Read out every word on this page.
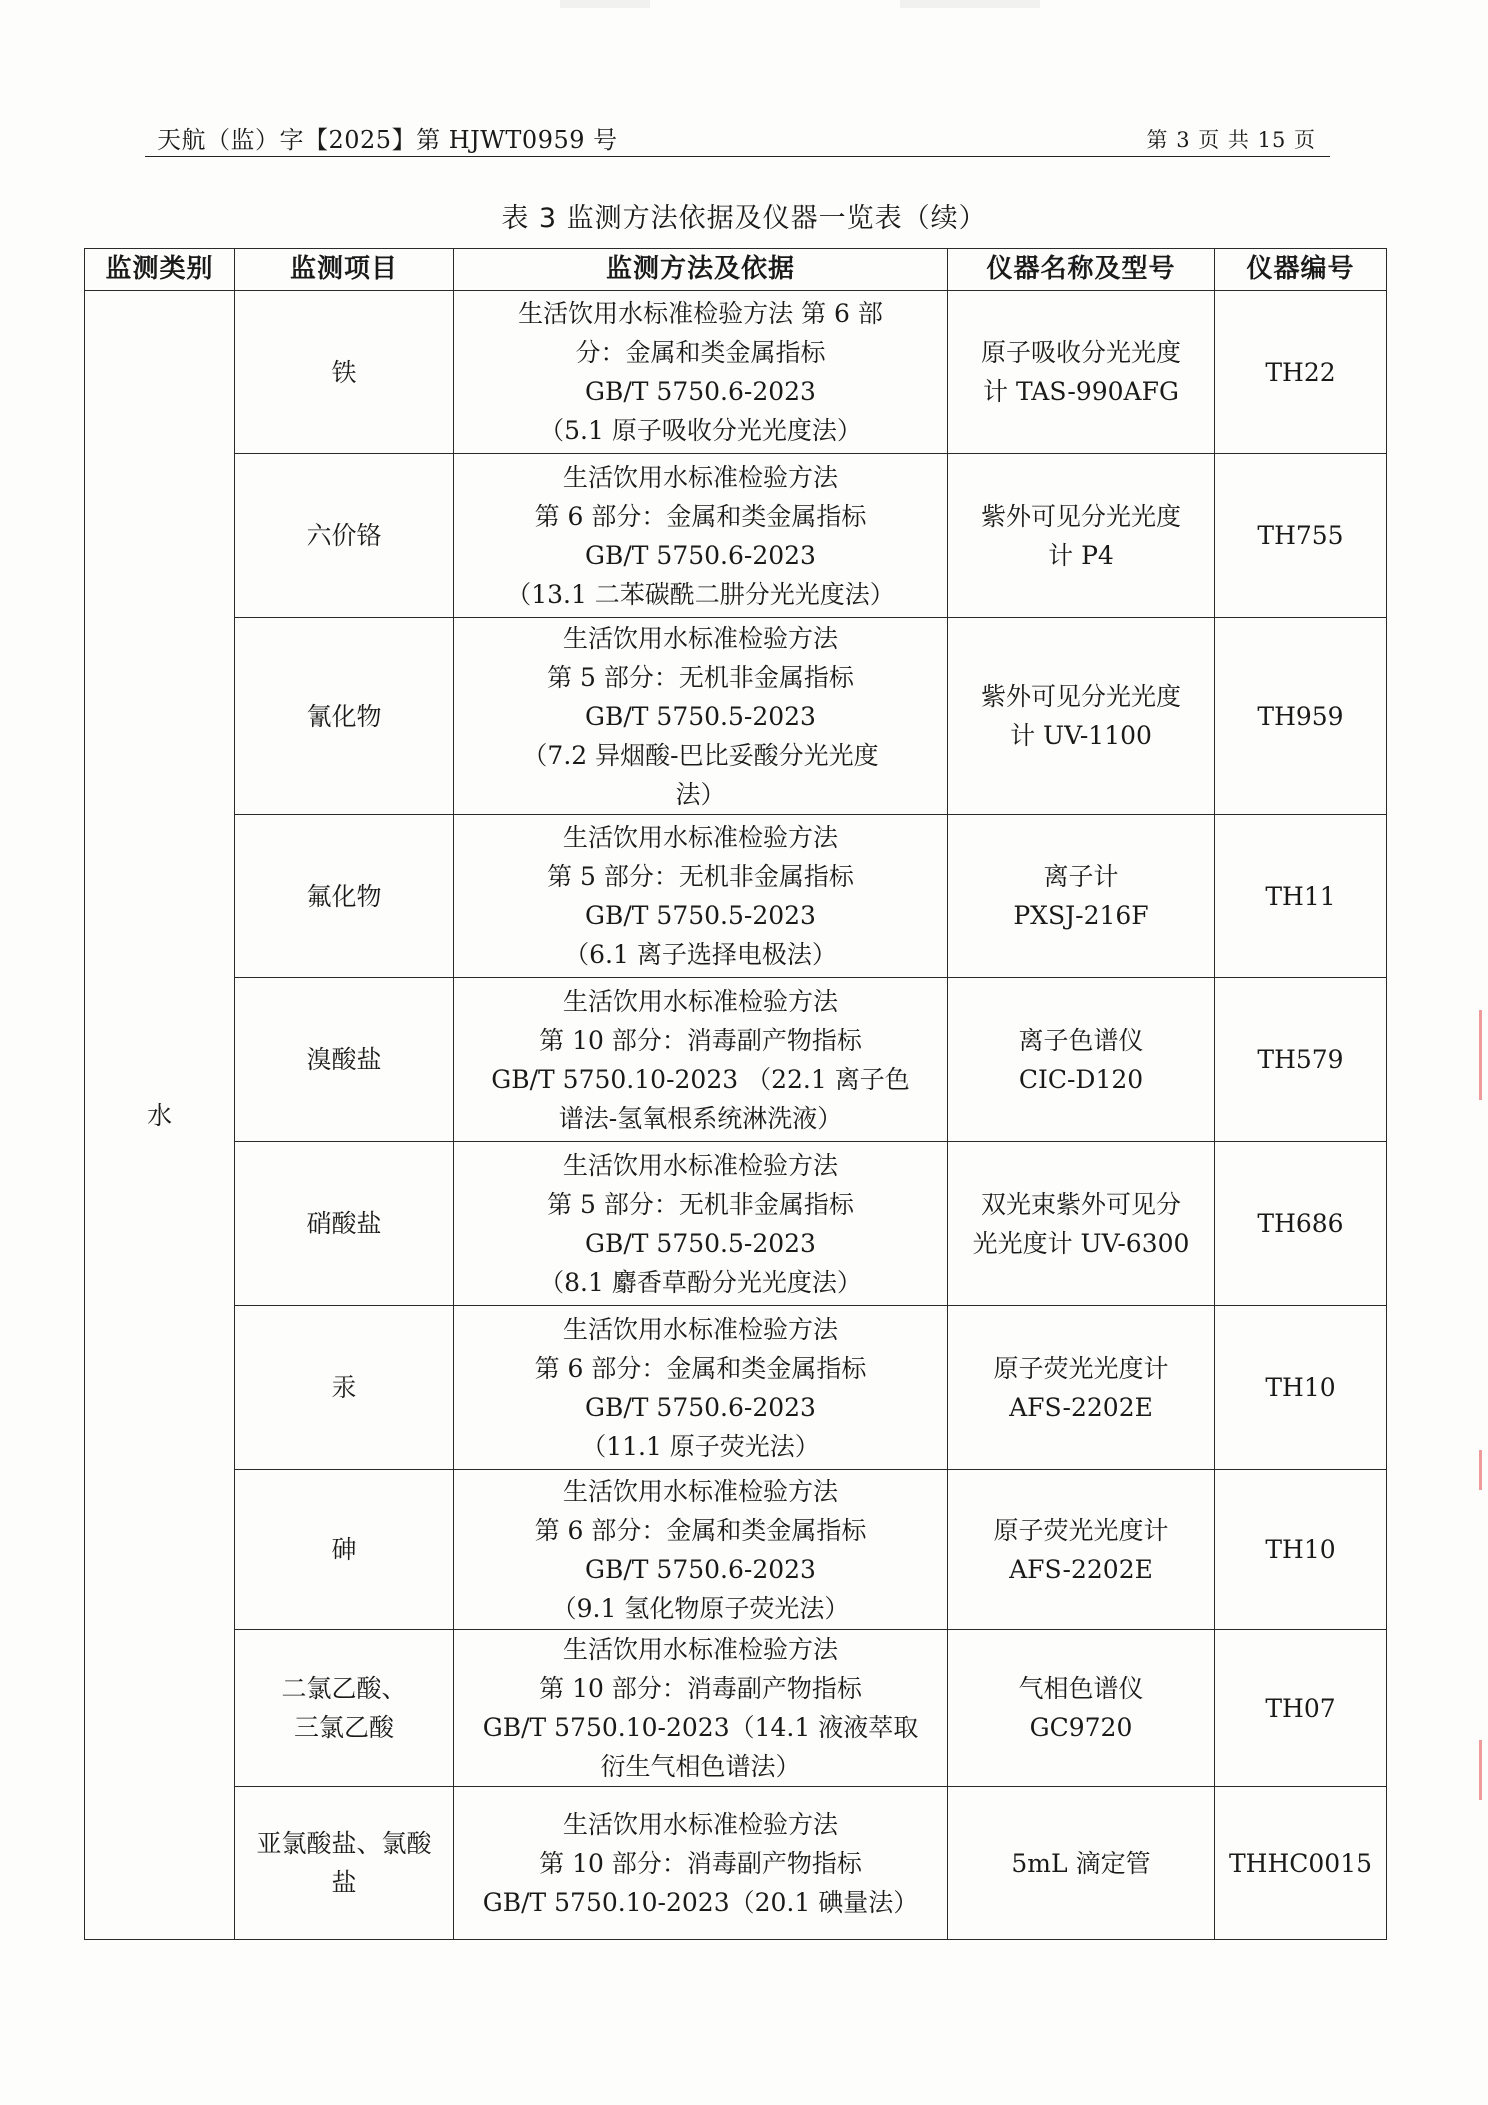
天航（监）字【2025】第 HJWT0959 号	第 3 页 共 15 页
表 3 监测方法依据及仪器一览表（续）
监测类别	监测项目	监测方法及依据	仪器名称及型号	仪器编号
水	铁	生活饮用水标准检验方法 第 6 部
分：金属和类金属指标
GB/T 5750.6-2023
（5.1 原子吸收分光光度法）	原子吸收分光光度
计 TAS-990AFG	TH22

	六价铬	生活饮用水标准检验方法
第 6 部分：金属和类金属指标
GB/T 5750.6-2023
（13.1 二苯碳酰二肼分光光度法）	紫外可见分光光度
计 P4	TH755

	氰化物	生活饮用水标准检验方法
第 5 部分：无机非金属指标
GB/T 5750.5-2023
（7.2 异烟酸-巴比妥酸分光光度
法）	紫外可见分光光度
计 UV-1100	TH959

	氟化物	生活饮用水标准检验方法
第 5 部分：无机非金属指标
GB/T 5750.5-2023
（6.1 离子选择电极法）	离子计
PXSJ-216F	TH11

	溴酸盐	生活饮用水标准检验方法
第 10 部分：消毒副产物指标
GB/T 5750.10-2023 （22.1 离子色
谱法-氢氧根系统淋洗液）	离子色谱仪
CIC-D120	TH579

	硝酸盐	生活饮用水标准检验方法
第 5 部分：无机非金属指标
GB/T 5750.5-2023
（8.1 麝香草酚分光光度法）	双光束紫外可见分
光光度计 UV-6300	TH686

	汞	生活饮用水标准检验方法
第 6 部分：金属和类金属指标
GB/T 5750.6-2023
（11.1 原子荧光法）	原子荧光光度计
AFS-2202E	TH10

	砷	生活饮用水标准检验方法
第 6 部分：金属和类金属指标
GB/T 5750.6-2023
（9.1 氢化物原子荧光法）	原子荧光光度计
AFS-2202E	TH10

	二氯乙酸、
三氯乙酸	生活饮用水标准检验方法
第 10 部分：消毒副产物指标
GB/T 5750.10-2023（14.1 液液萃取
衍生气相色谱法）	气相色谱仪
GC9720	TH07

	亚氯酸盐、氯酸
盐	生活饮用水标准检验方法
第 10 部分：消毒副产物指标
GB/T 5750.10-2023（20.1 碘量法）	5mL 滴定管	THHC0015
